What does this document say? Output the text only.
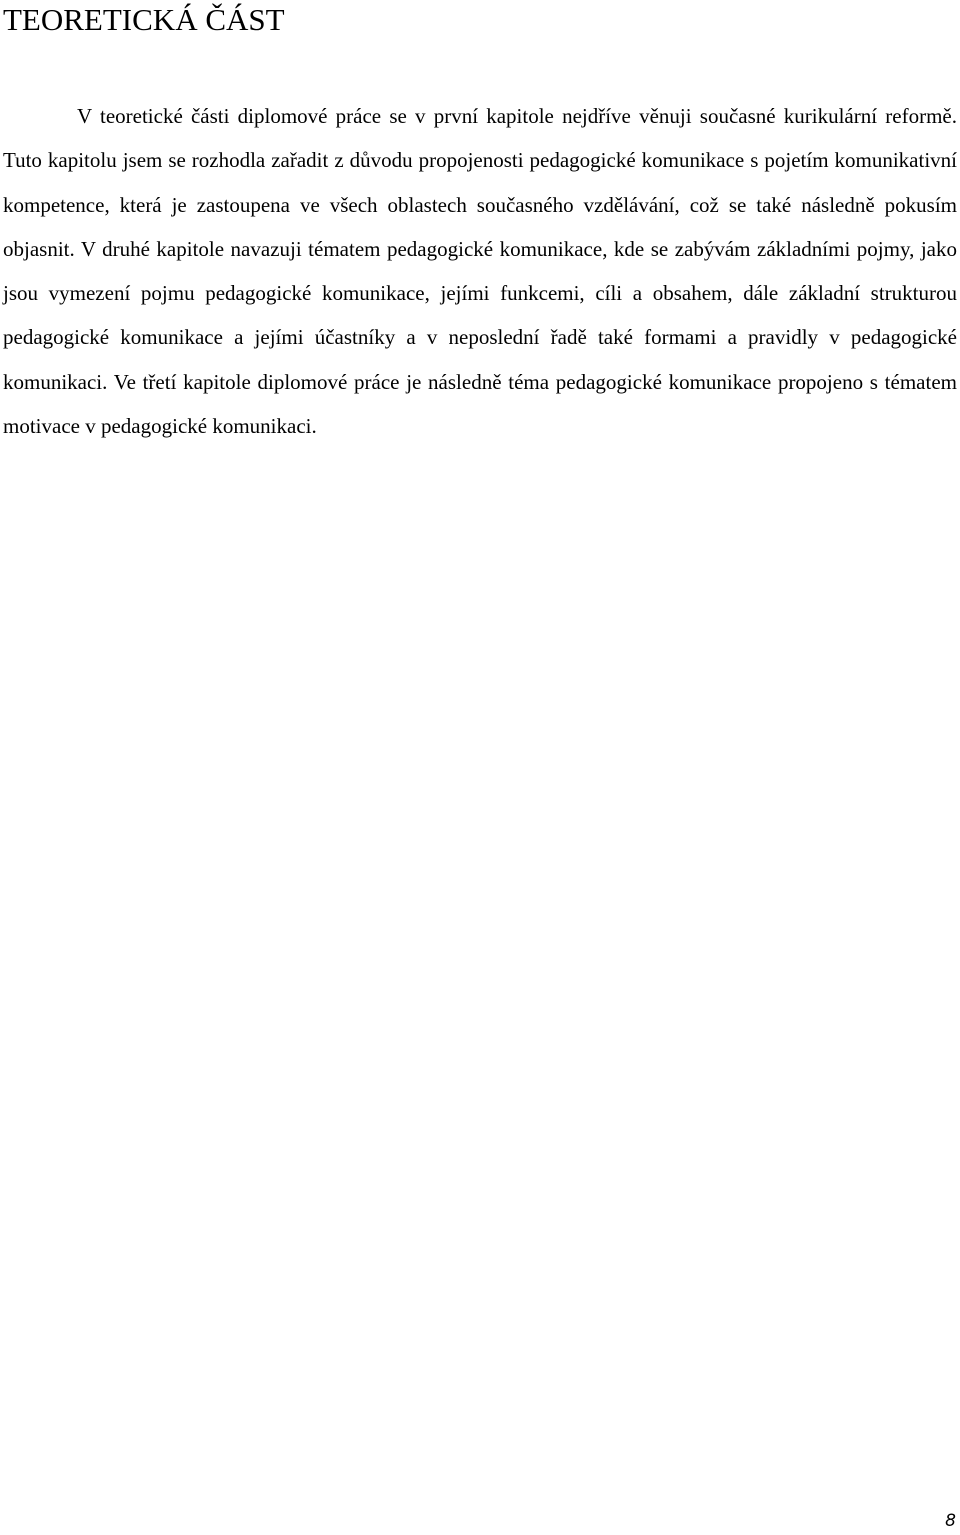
TEORETICKÁ ČÁST

V teoretické části diplomové práce se v první kapitole nejdříve věnuji současné kurikulární reformě. Tuto kapitolu jsem se rozhodla zařadit z důvodu propojenosti pedagogické komunikace s pojetím komunikativní kompetence, která je zastoupena ve všech oblastech současného vzdělávání, což se také následně pokusím objasnit. V druhé kapitole navazuji tématem pedagogické komunikace, kde se zabývám základními pojmy, jako jsou vymezení pojmu pedagogické komunikace, jejími funkcemi, cíli a obsahem, dále základní strukturou pedagogické komunikace a jejími účastníky a v neposlední řadě také formami a pravidly v pedagogické komunikaci. Ve třetí kapitole diplomové práce je následně téma pedagogické komunikace propojeno s tématem motivace v pedagogické komunikaci.

8
